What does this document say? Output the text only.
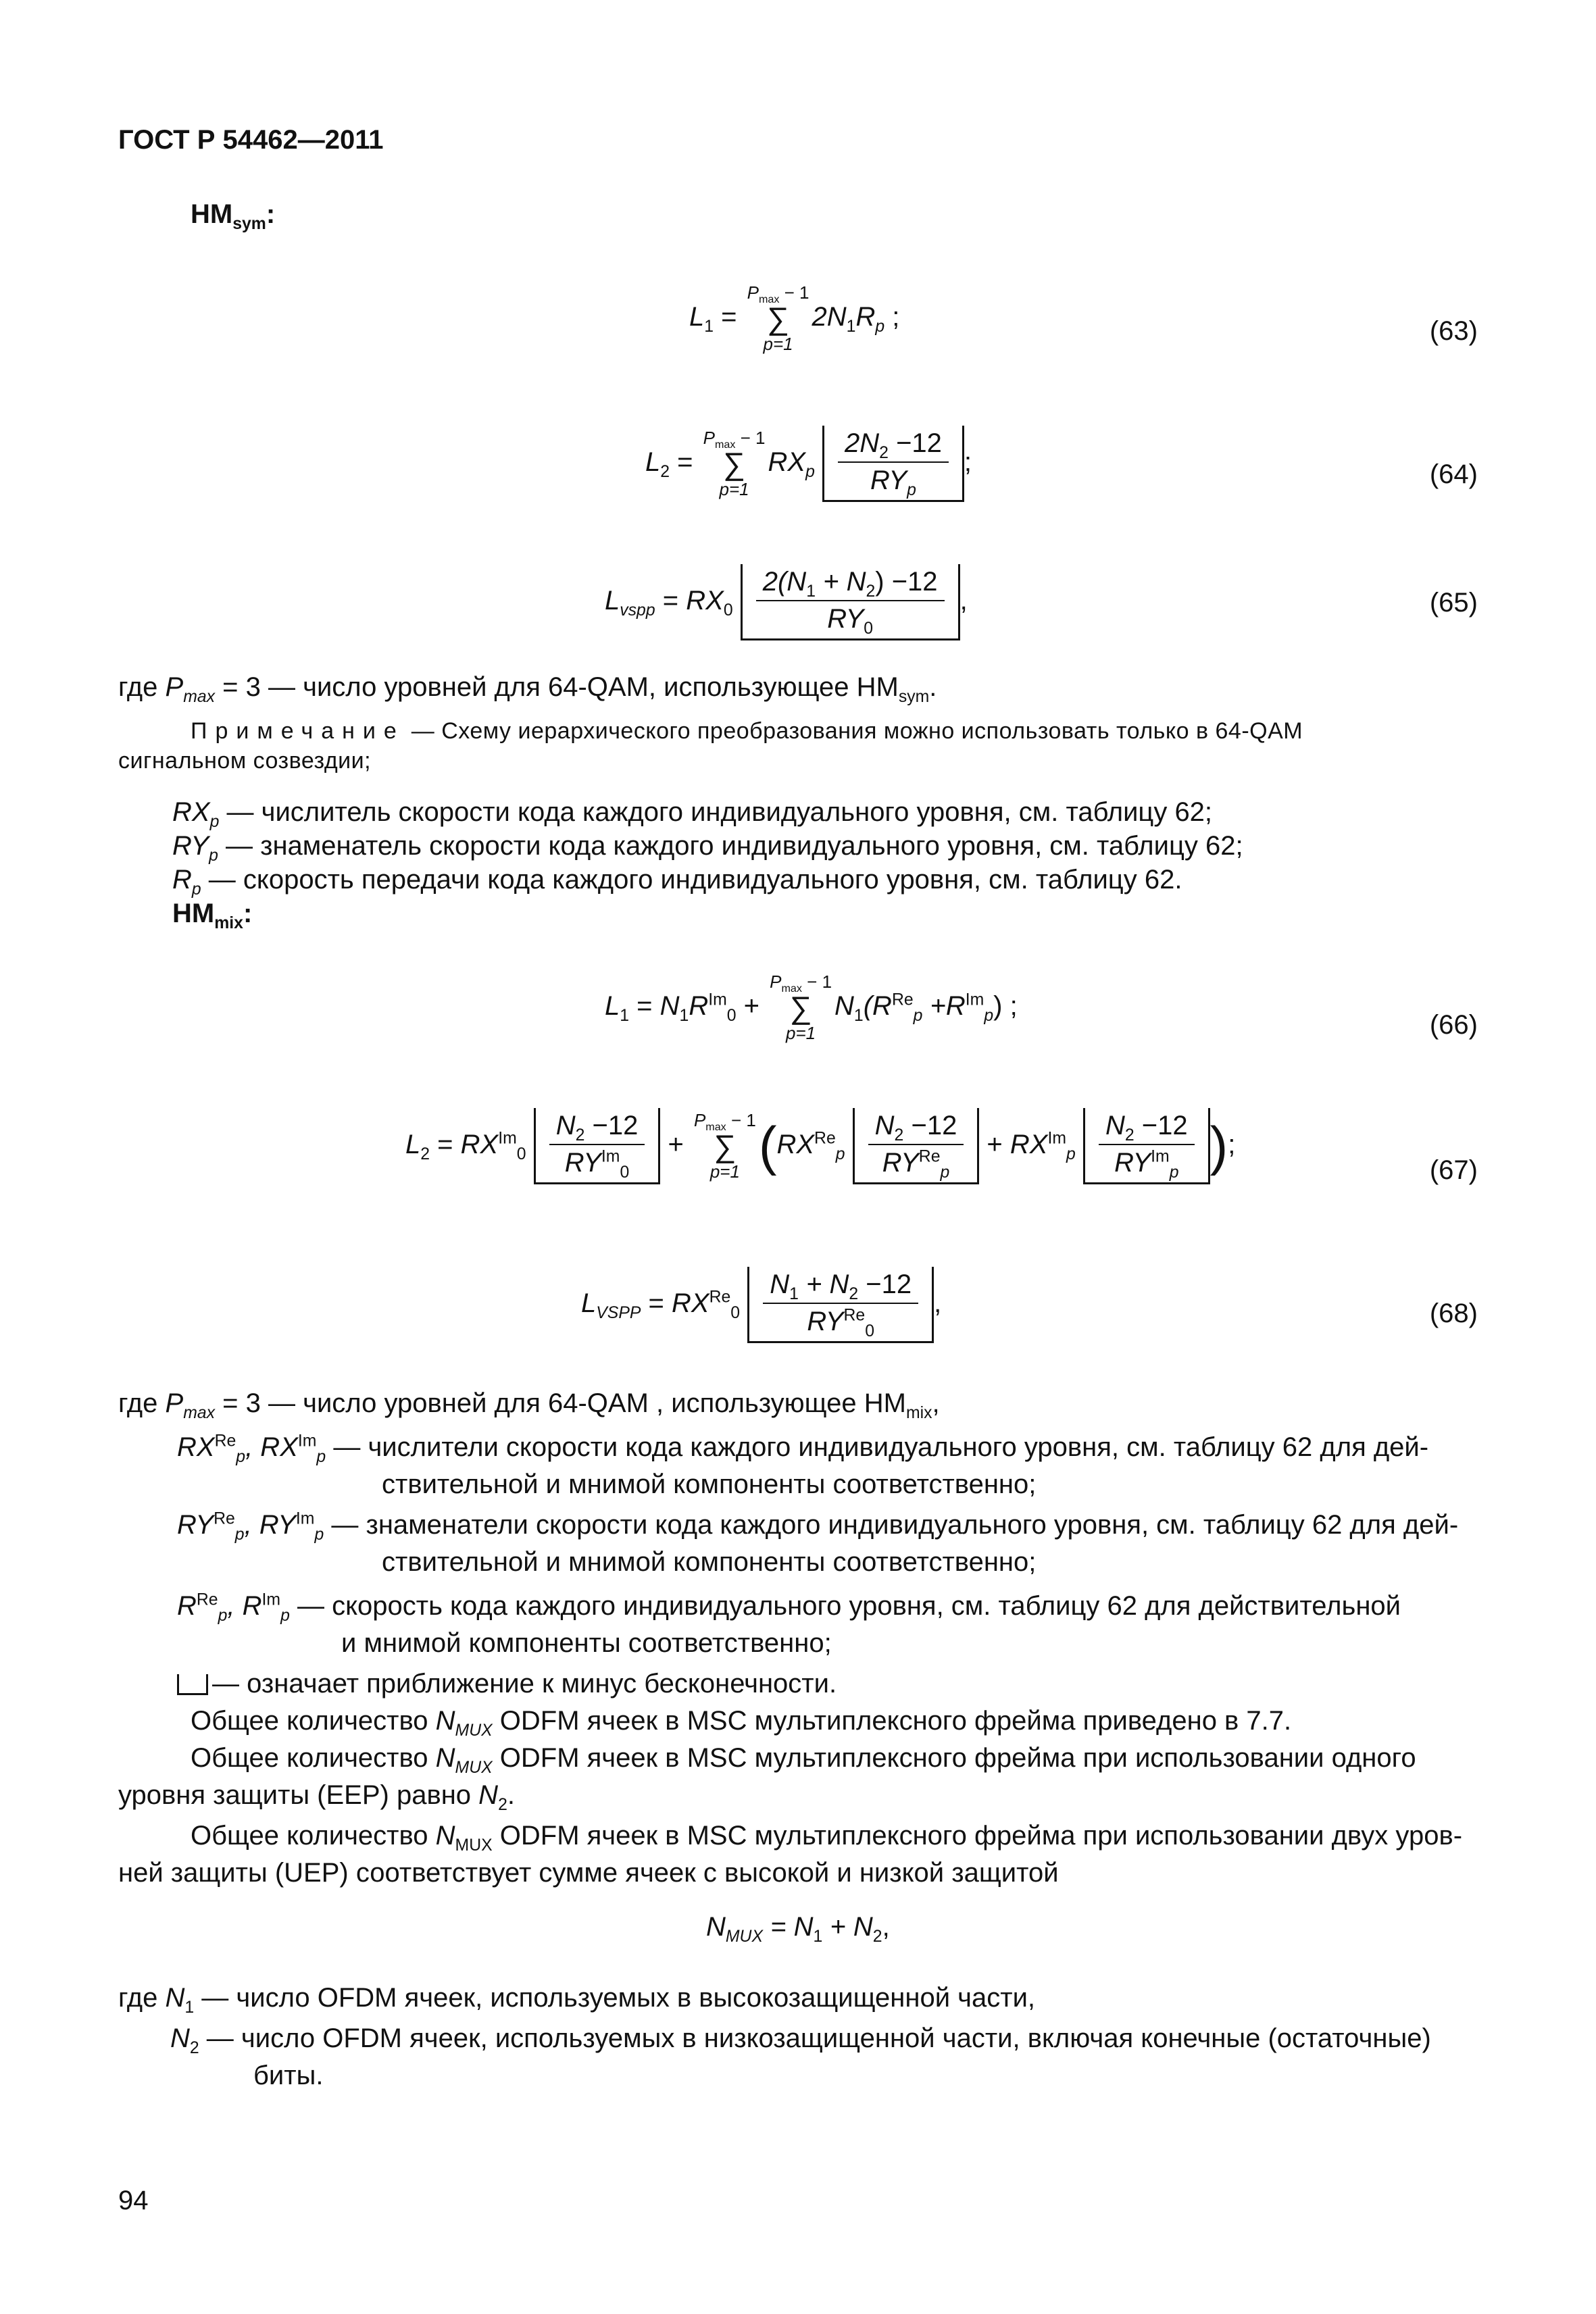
ГОСТ Р 54462—2011
$HM_{sym}$:
$L_1$ =
$P_{max} - 1$
∑
p=1
$2N_1R_p$ ;	(63)
$L_2$ =
$P_{max} - 1$
∑
p=1
$RX_p \frac{2N_2 -12}{RY_p}$ ;	(64)
$L_{vspp} = RX_0 \frac{2(N_1 + N_2) -12}{RY_0}$ ,	(65)
где $P_{max} = 3$ — число уровней для 64-QAM, использующее $HM_{sym}$.
Примечание — Схему иерархического преобразования можно использовать только в 64-QAM
сигнальном созвездии;
$RX_p$ — числитель скорости кода каждого индивидуального уровня, см. таблицу 62;
$RY_p$ — знаменатель скорости кода каждого индивидуального уровня, см. таблицу 62;
$R_p$ — скорость передачи кода каждого индивидуального уровня, см. таблицу 62.
$HM_{mix}$:
$L_1 = N_1R^{Im}_0$ +
$P_{max} - 1$
∑
p=1
$N_1(R^{Re}_p +R^{Im}_p)$ ;
(66)
$L_2 = RX^{Im}_0 \frac{N_2 -12}{RY^{Im}_0}$ +
$P_{max} - 1$
∑
p=1 ($RX^{Re}_p \frac{N_2 -12}{RY^{Re}_p} + RX^{Im}_p \frac{N_2 -12}{RY^{Im}_p}$ );
(67)
$L_{VSPP} = RX^{Re}_0 \frac{N_1 + N_2 -12}{RY^{Re}_0}$ ,	(68)
где $P_{max} = 3$ — число уровней для 64-QAM , использующее $HM_{mix}$,
$RX^{Re}_p$, $RX^{Im}_p$ — числители скорости кода каждого индивидуального уровня, см. таблицу 62 для дей-
ствительной и мнимой компоненты соответственно;
$RY^{Re}_p$, $RY^{Im}_p$ — знаменатели скорости кода каждого индивидуального уровня, см. таблицу 62 для дей-
ствительной и мнимой компоненты соответственно;
$R^{Re}_p$, $R^{Im}_p$ — скорость кода каждого индивидуального уровня, см. таблицу 62 для действительной
и мнимой компоненты соответственно;
— означает приближение к минус бесконечности.
Общее количество $N_{MUX}$ ODFM ячеек в MSC мультиплексного фрейма приведено в 7.7.
Общее количество $N_{MUX}$ ODFM ячеек в MSC мультиплексного фрейма при использовании одного
уровня защиты (EEP) равно $N_2$.
Общее количество $N_{MUX}$ ODFM ячеек в MSC мультиплексного фрейма при использовании двух уров-
ней защиты (UEP) соответствует сумме ячеек с высокой и низкой защитой
$N_{MUX} = N_1 + N_2$,
где $N_1$ — число OFDM ячеек, используемых в высокозащищенной части,
$N_2$ — число OFDM ячеек, используемых в низкозащищенной части, включая конечные (остаточные)
биты.
94
